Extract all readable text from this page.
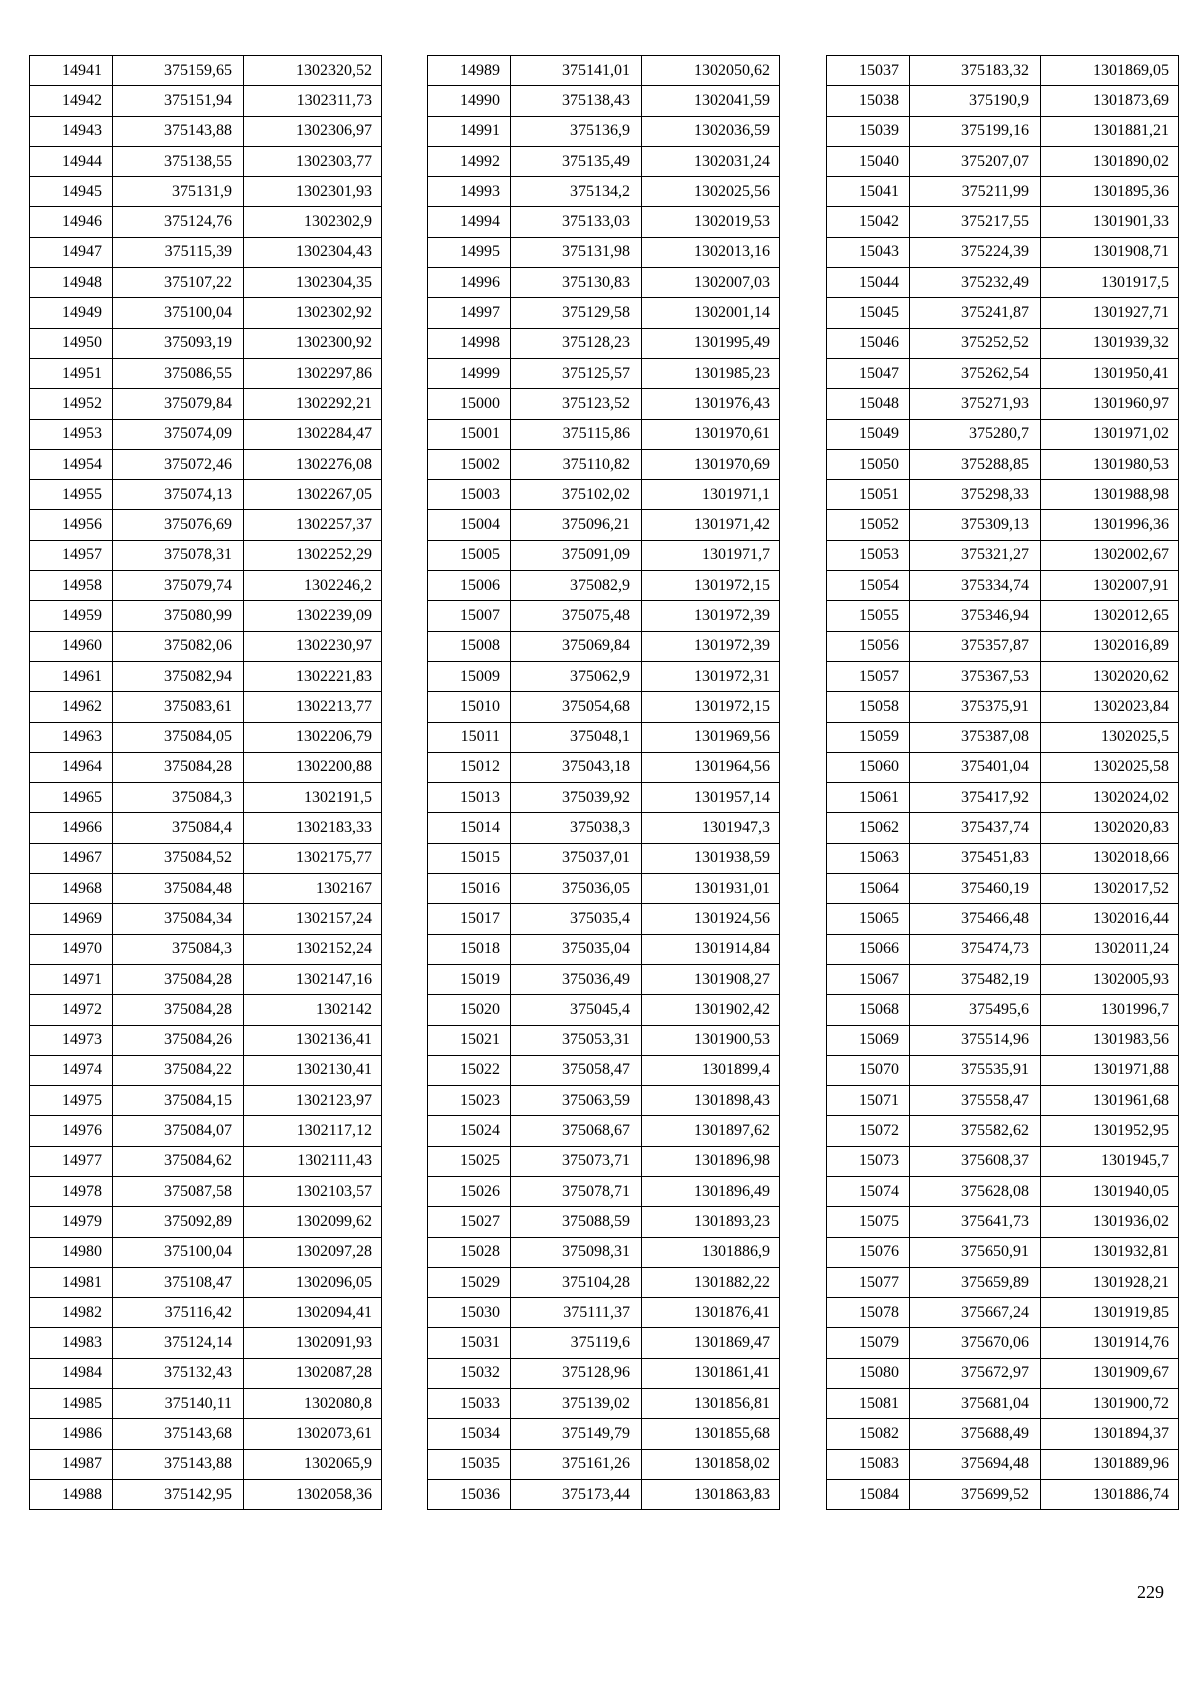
14941	375159,65	1302320,52
14942	375151,94	1302311,73
14943	375143,88	1302306,97
14944	375138,55	1302303,77
14945	375131,9	1302301,93
14946	375124,76	1302302,9
14947	375115,39	1302304,43
14948	375107,22	1302304,35
14949	375100,04	1302302,92
14950	375093,19	1302300,92
14951	375086,55	1302297,86
14952	375079,84	1302292,21
14953	375074,09	1302284,47
14954	375072,46	1302276,08
14955	375074,13	1302267,05
14956	375076,69	1302257,37
14957	375078,31	1302252,29
14958	375079,74	1302246,2
14959	375080,99	1302239,09
14960	375082,06	1302230,97
14961	375082,94	1302221,83
14962	375083,61	1302213,77
14963	375084,05	1302206,79
14964	375084,28	1302200,88
14965	375084,3	1302191,5
14966	375084,4	1302183,33
14967	375084,52	1302175,77
14968	375084,48	1302167
14969	375084,34	1302157,24
14970	375084,3	1302152,24
14971	375084,28	1302147,16
14972	375084,28	1302142
14973	375084,26	1302136,41
14974	375084,22	1302130,41
14975	375084,15	1302123,97
14976	375084,07	1302117,12
14977	375084,62	1302111,43
14978	375087,58	1302103,57
14979	375092,89	1302099,62
14980	375100,04	1302097,28
14981	375108,47	1302096,05
14982	375116,42	1302094,41
14983	375124,14	1302091,93
14984	375132,43	1302087,28
14985	375140,11	1302080,8
14986	375143,68	1302073,61
14987	375143,88	1302065,9
14988	375142,95	1302058,36
14989	375141,01	1302050,62
14990	375138,43	1302041,59
14991	375136,9	1302036,59
14992	375135,49	1302031,24
14993	375134,2	1302025,56
14994	375133,03	1302019,53
14995	375131,98	1302013,16
14996	375130,83	1302007,03
14997	375129,58	1302001,14
14998	375128,23	1301995,49
14999	375125,57	1301985,23
15000	375123,52	1301976,43
15001	375115,86	1301970,61
15002	375110,82	1301970,69
15003	375102,02	1301971,1
15004	375096,21	1301971,42
15005	375091,09	1301971,7
15006	375082,9	1301972,15
15007	375075,48	1301972,39
15008	375069,84	1301972,39
15009	375062,9	1301972,31
15010	375054,68	1301972,15
15011	375048,1	1301969,56
15012	375043,18	1301964,56
15013	375039,92	1301957,14
15014	375038,3	1301947,3
15015	375037,01	1301938,59
15016	375036,05	1301931,01
15017	375035,4	1301924,56
15018	375035,04	1301914,84
15019	375036,49	1301908,27
15020	375045,4	1301902,42
15021	375053,31	1301900,53
15022	375058,47	1301899,4
15023	375063,59	1301898,43
15024	375068,67	1301897,62
15025	375073,71	1301896,98
15026	375078,71	1301896,49
15027	375088,59	1301893,23
15028	375098,31	1301886,9
15029	375104,28	1301882,22
15030	375111,37	1301876,41
15031	375119,6	1301869,47
15032	375128,96	1301861,41
15033	375139,02	1301856,81
15034	375149,79	1301855,68
15035	375161,26	1301858,02
15036	375173,44	1301863,83
15037	375183,32	1301869,05
15038	375190,9	1301873,69
15039	375199,16	1301881,21
15040	375207,07	1301890,02
15041	375211,99	1301895,36
15042	375217,55	1301901,33
15043	375224,39	1301908,71
15044	375232,49	1301917,5
15045	375241,87	1301927,71
15046	375252,52	1301939,32
15047	375262,54	1301950,41
15048	375271,93	1301960,97
15049	375280,7	1301971,02
15050	375288,85	1301980,53
15051	375298,33	1301988,98
15052	375309,13	1301996,36
15053	375321,27	1302002,67
15054	375334,74	1302007,91
15055	375346,94	1302012,65
15056	375357,87	1302016,89
15057	375367,53	1302020,62
15058	375375,91	1302023,84
15059	375387,08	1302025,5
15060	375401,04	1302025,58
15061	375417,92	1302024,02
15062	375437,74	1302020,83
15063	375451,83	1302018,66
15064	375460,19	1302017,52
15065	375466,48	1302016,44
15066	375474,73	1302011,24
15067	375482,19	1302005,93
15068	375495,6	1301996,7
15069	375514,96	1301983,56
15070	375535,91	1301971,88
15071	375558,47	1301961,68
15072	375582,62	1301952,95
15073	375608,37	1301945,7
15074	375628,08	1301940,05
15075	375641,73	1301936,02
15076	375650,91	1301932,81
15077	375659,89	1301928,21
15078	375667,24	1301919,85
15079	375670,06	1301914,76
15080	375672,97	1301909,67
15081	375681,04	1301900,72
15082	375688,49	1301894,37
15083	375694,48	1301889,96
15084	375699,52	1301886,74
229
